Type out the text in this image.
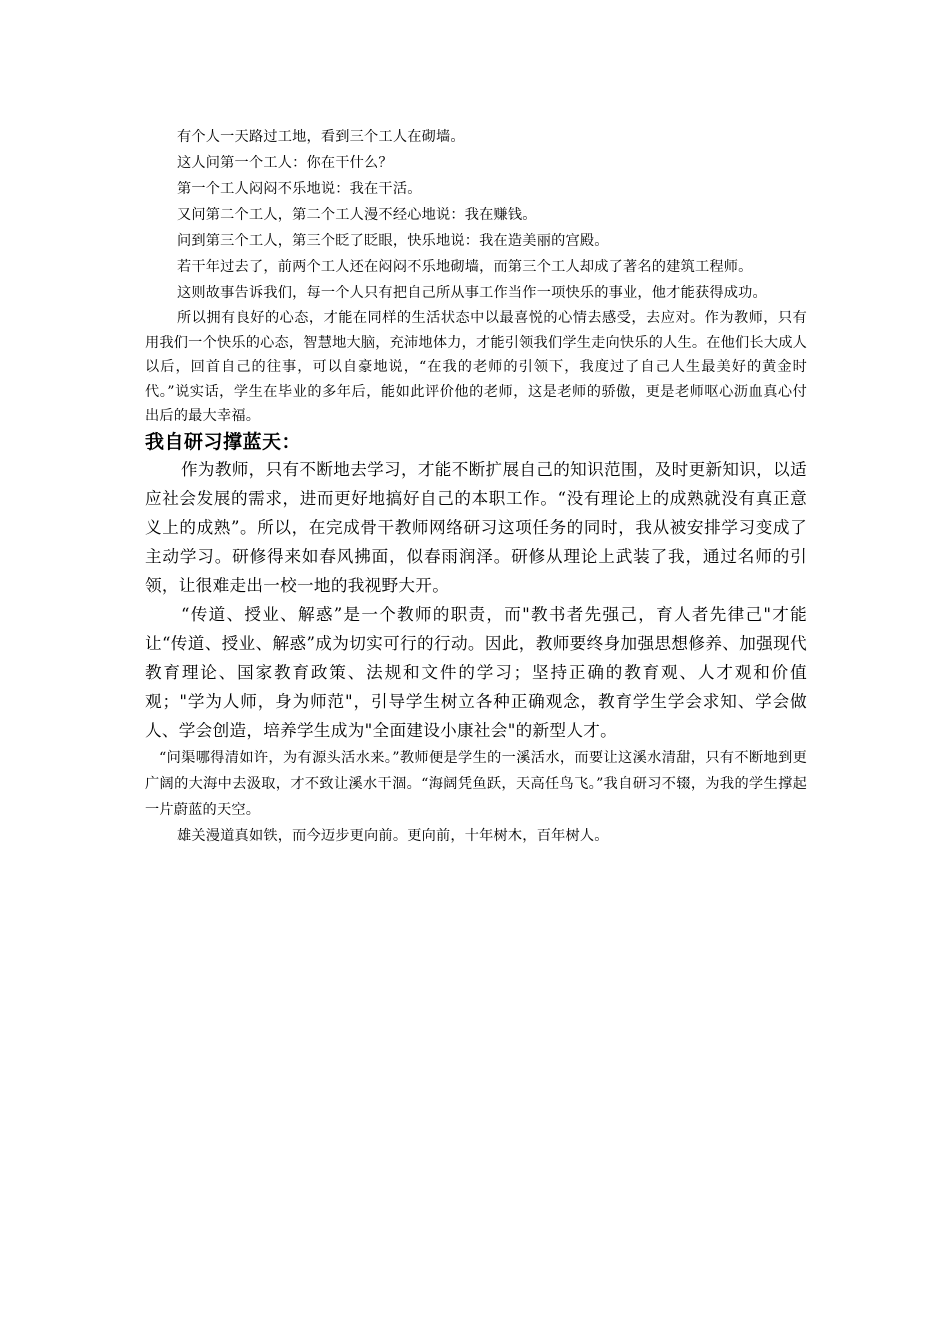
有个人一天路过工地，看到三个工人在砌墙。

这人问第一个工人：你在干什么？

第一个工人闷闷不乐地说：我在干活。

又问第二个工人，第二个工人漫不经心地说：我在赚钱。

问到第三个工人，第三个眨了眨眼，快乐地说：我在造美丽的宫殿。

若干年过去了，前两个工人还在闷闷不乐地砌墙，而第三个工人却成了著名的建筑工程师。

这则故事告诉我们，每一个人只有把自己所从事工作当作一项快乐的事业，他才能获得成功。

所以拥有良好的心态，才能在同样的生活状态中以最喜悦的心情去感受，去应对。作为教师，只有用我们一个快乐的心态，智慧地大脑，充沛地体力，才能引领我们学生走向快乐的人生。在他们长大成人以后，回首自己的往事，可以自豪地说，“在我的老师的引领下，我度过了自己人生最美好的黄金时代。”说实话，学生在毕业的多年后，能如此评价他的老师，这是老师的骄傲，更是老师呕心沥血真心付出后的最大幸福。

我自研习撑蓝天：

作为教师，只有不断地去学习，才能不断扩展自己的知识范围，及时更新知识，以适应社会发展的需求，进而更好地搞好自己的本职工作。“没有理论上的成熟就没有真正意义上的成熟”。所以，在完成骨干教师网络研习这项任务的同时，我从被安排学习变成了主动学习。研修得来如春风拂面，似春雨润泽。研修从理论上武装了我，通过名师的引领，让很难走出一校一地的我视野大开。

“传道、授业、解惑”是一个教师的职责，而"教书者先强己，育人者先律己"才能让“传道、授业、解惑”成为切实可行的行动。因此，教师要终身加强思想修养、加强现代教育理论、国家教育政策、法规和文件的学习；坚持正确的教育观、人才观和价值观；"学为人师，身为师范"，引导学生树立各种正确观念，教育学生学会求知、学会做人、学会创造，培养学生成为"全面建设小康社会"的新型人才。

“问渠哪得清如许，为有源头活水来。”教师便是学生的一溪活水，而要让这溪水清甜，只有不断地到更广阔的大海中去汲取，才不致让溪水干涸。“海阔凭鱼跃，天高任鸟飞。”我自研习不辍，为我的学生撑起一片蔚蓝的天空。

雄关漫道真如铁，而今迈步更向前。更向前，十年树木，百年树人。
